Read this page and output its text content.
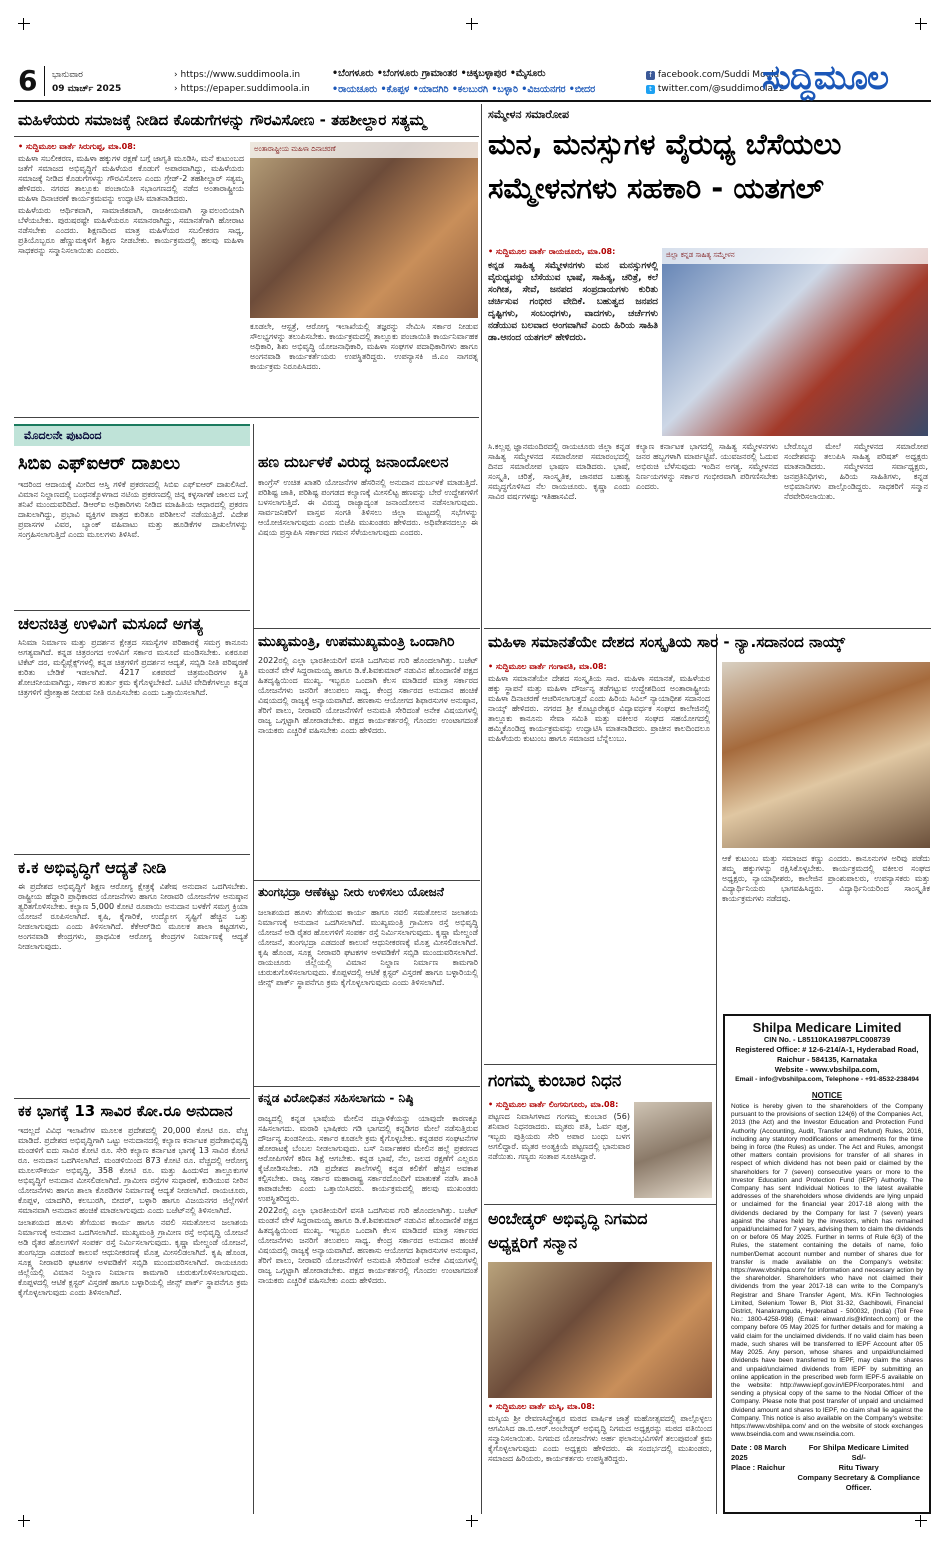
6 ಭಾನುವಾರ
09 ಮಾರ್ಚ್ 2025
› https://www.suddimoola.in
› https://epaper.suddimoola.in
•ಬೆಂಗಳೂರು •ಬೆಂಗಳೂರು ಗ್ರಾಮಾಂತರ •ಚಿಕ್ಕಬಳ್ಳಾಪುರ •ಮೈಸೂರು
•ರಾಯಚೂರು •ಕೊಪ್ಪಳ •ಯಾದಗಿರಿ •ಕಲಬುರಗಿ •ಬಳ್ಳಾರಿ •ವಿಜಯನಗರ •ಬೀದರ
f facebook.com/Suddi Moola
t twitter.com/@suddimoola22
ಸುದ್ದಿಮೂಲ
ಮಹಿಳೆಯರು ಸಮಾಜಕ್ಕೆ ನೀಡಿದ ಕೊಡುಗೆಗಳನ್ನು ಗೌರವಿಸೋಣ - ತಹಶೀಲ್ದಾರ ಸತ್ಯಮ್ಮ

• ಸುದ್ದಿಮೂಲ ವಾರ್ತೆ ಸಿರುಗುಪ್ಪ, ಮಾ.08:

ಮಹಿಳಾ ಸಬಲೀಕರಣ, ಮಹಿಳಾ ಹಕ್ಕುಗಳ ರಕ್ಷಣೆ ಬಗ್ಗೆ ಜಾಗೃತಿ ಮೂಡಿಸಿ, ಮನೆ ಕುಟುಂಬದ ಜತೆಗೆ ಸಮಾಜದ ಅಭಿವೃದ್ಧಿಗೆ ಮಹಿಳೆಯರ ಕೊಡುಗೆ ಅಪಾರವಾಗಿದ್ದು, ಮಹಿಳೆಯರು ಸಮಾಜಕ್ಕೆ ನೀಡಿದ ಕೊಡುಗೆಗಳನ್ನು ಗೌರವಿಸೋಣ ಎಂದು ಗ್ರೇಡ್-2 ತಹಶೀಲ್ದಾರ್ ಸತ್ಯಮ್ಮ ಹೇಳಿದರು. ನಗರದ ತಾಲ್ಲೂಕು ಪಂಚಾಯಿತಿ ಸಭಾಂಗಣದಲ್ಲಿ ನಡೆದ ಅಂತಾರಾಷ್ಟ್ರೀಯ ಮಹಿಳಾ ದಿನಾಚರಣೆ ಕಾರ್ಯಕ್ರಮವನ್ನು ಉದ್ಘಾಟಿಸಿ ಮಾತನಾಡಿದರು.

ಮಹಿಳೆಯರು ಆರ್ಥಿಕವಾಗಿ, ಸಾಮಾಜಿಕವಾಗಿ, ರಾಜಕೀಯವಾಗಿ ಸ್ವಾವಲಂಬಿಯಾಗಿ ಬೆಳೆಯಬೇಕು. ಪುರುಷರಷ್ಟೇ ಮಹಿಳೆಯರೂ ಸಮಾನರಾಗಿದ್ದು, ಸಮಾನತೆಗಾಗಿ ಹೋರಾಟ ನಡೆಸಬೇಕು ಎಂದರು. ಶಿಕ್ಷಣದಿಂದ ಮಾತ್ರ ಮಹಿಳೆಯರ ಸಬಲೀಕರಣ ಸಾಧ್ಯ, ಪ್ರತಿಯೊಬ್ಬರೂ ಹೆಣ್ಣುಮಕ್ಕಳಿಗೆ ಶಿಕ್ಷಣ ನೀಡಬೇಕು. ಕಾರ್ಯಕ್ರಮದಲ್ಲಿ ಹಲವು ಮಹಿಳಾ ಸಾಧಕರನ್ನು ಸನ್ಮಾನಿಸಲಾಯಿತು ಎಂದರು.

ಅಂತಾರಾಷ್ಟ್ರೀಯ ಮಹಿಳಾ ದಿನಾಚರಣೆ

ಕೂಡಲೇ, ಆಸ್ಪತ್ರೆ, ಆರೋಗ್ಯ ಇಲಾಖೆಯಲ್ಲಿ ತಜ್ಞರನ್ನು ನೇಮಿಸಿ ಸರ್ಕಾರ ನೀಡುವ ಸೌಲಭ್ಯಗಳನ್ನು ತಲುಪಿಸಬೇಕು. ಕಾರ್ಯಕ್ರಮದಲ್ಲಿ ತಾಲ್ಲೂಕು ಪಂಚಾಯಿತಿ ಕಾರ್ಯನಿರ್ವಾಹಕ ಅಧಿಕಾರಿ, ಶಿಶು ಅಭಿವೃದ್ಧಿ ಯೋಜನಾಧಿಕಾರಿ, ಮಹಿಳಾ ಸಂಘಗಳ ಪದಾಧಿಕಾರಿಗಳು ಹಾಗೂ ಅಂಗನವಾಡಿ ಕಾರ್ಯಕರ್ತೆಯರು ಉಪಸ್ಥಿತರಿದ್ದರು. ಉಪನ್ಯಾಸಕಿ ಜಿ.ಎಂ ನಾಗರತ್ನ ಕಾರ್ಯಕ್ರಮ ನಿರೂಪಿಸಿದರು.

ಸಮ್ಮೇಳನ ಸಮಾರೋಪ
ಮನ, ಮನಸ್ಸುಗಳ ವೈರುಧ್ಯ ಬೆಸೆಯಲು
ಸಮ್ಮೇಳನಗಳು ಸಹಕಾರಿ - ಯತಗಲ್

• ಸುದ್ದಿಮೂಲ ವಾರ್ತೆ ರಾಯಚೂರು, ಮಾ.08:

ಕನ್ನಡ ಸಾಹಿತ್ಯ ಸಮ್ಮೇಳನಗಳು ಮನ ಮನಸ್ಸುಗಳಲ್ಲಿ ವೈರುಧ್ಯವನ್ನು ಬೆಸೆಯುವ ಭಾಷೆ, ಸಾಹಿತ್ಯ, ಚರಿತ್ರೆ, ಕಲೆ ಸಂಗೀತ, ಸೇವೆ, ಜನಪದ ಸಂಪ್ರದಾಯಗಳು ಕುರಿತು ಚರ್ಚಿಸುವ ಗಂಭೀರ ವೇದಿಕೆ. ಬಹುತ್ವದ ಜನಪದ ದೃಷ್ಟಿಗಳು, ಸಂಬಂಧಗಳು, ವಾದಗಳು, ಚರ್ಚೆಗಳು ನಡೆಯುವ ಬಲವಾದ ಅಂಗವಾಗಿವೆ ಎಂದು ಹಿರಿಯ ಸಾಹಿತಿ ಡಾ.ಆನಂದ ಯತಗಲ್ ಹೇಳಿದರು.

ಜಿಲ್ಲಾ ಕನ್ನಡ ಸಾಹಿತ್ಯ ಸಮ್ಮೇಳನ

ಸಿ.ಕಲ್ಲಪ್ಪ ಜ್ಞಾನಮಂದಿರದಲ್ಲಿ ರಾಯಚೂರು ಜಿಲ್ಲಾ ಕನ್ನಡ ಸಾಹಿತ್ಯ ಸಮ್ಮೇಳನದ ಸಮಾರೋಪ ಸಮಾರಂಭದಲ್ಲಿ ದಿನದ ಸಮಾರೋಪ ಭಾಷಣ ಮಾಡಿದರು. ಭಾಷೆ, ಸಂಸ್ಕೃತಿ, ಚರಿತ್ರೆ, ಸಾಂಸ್ಕೃತಿಕ, ಜಾನಪದ ಬಹುತ್ವ ಸಮೃದ್ಧಗೊಳಿಸಿದ ನೆಲ ರಾಯಚೂರು. ಕೃಷ್ಣಾ ಎಂದು ಸಾವಿರ ವರ್ಷಗಳಷ್ಟು ಇತಿಹಾಸವಿದೆ.

ಕಲ್ಯಾಣ ಕರ್ನಾಟಕ ಭಾಗದಲ್ಲಿ ಸಾಹಿತ್ಯ ಸಮ್ಮೇಳನಗಳು ಜನರ ಹಬ್ಬಗಳಾಗಿ ಮಾರ್ಪಟ್ಟಿವೆ. ಯುವಜನರಲ್ಲಿ ಓದುವ ಅಭಿರುಚಿ ಬೆಳೆಸುವುದು ಇಂದಿನ ಅಗತ್ಯ. ಸಮ್ಮೇಳನದ ನಿರ್ಣಯಗಳನ್ನು ಸರ್ಕಾರ ಗಂಭೀರವಾಗಿ ಪರಿಗಣಿಸಬೇಕು ಎಂದರು.

ಬೇರೊಬ್ಬರ ಮೇಲೆ ಸಮ್ಮೇಳನದ ಸಮಾರೋಪ ಸಂದೇಶವನ್ನು ತಲುಪಿಸಿ ಸಾಹಿತ್ಯ ಪರಿಷತ್ ಅಧ್ಯಕ್ಷರು ಮಾತನಾಡಿದರು. ಸಮ್ಮೇಳನದ ಸರ್ವಾಧ್ಯಕ್ಷರು, ಜನಪ್ರತಿನಿಧಿಗಳು, ಹಿರಿಯ ಸಾಹಿತಿಗಳು, ಕನ್ನಡ ಅಭಿಮಾನಿಗಳು ಪಾಲ್ಗೊಂಡಿದ್ದರು. ಸಾಧಕರಿಗೆ ಸನ್ಮಾನ ನೆರವೇರಿಸಲಾಯಿತು.

ಮೊದಲನೇ ಪುಟದಿಂದ
ಸಿಬಿಐ ಎಫ್‌ಐಆರ್ ದಾಖಲು

ಇದರಿಂದ ಆದಾಯಕ್ಕೆ ಮೀರಿದ ಆಸ್ತಿ ಗಳಿಕೆ ಪ್ರಕರಣದಲ್ಲಿ ಸಿಬಿಐ ಎಫ್‌ಐಆರ್ ದಾಖಲಿಸಿದೆ. ವಿಮಾನ ನಿಲ್ದಾಣದಲ್ಲಿ ಬಂಧನಕ್ಕೊಳಗಾದ ನಟಿಯ ಪ್ರಕರಣದಲ್ಲಿ ಚಿನ್ನ ಕಳ್ಳಸಾಗಣೆ ಜಾಲದ ಬಗ್ಗೆ ತನಿಖೆ ಮುಂದುವರಿದಿದೆ. ಡಿಆರ್‌ಐ ಅಧಿಕಾರಿಗಳು ನೀಡಿದ ಮಾಹಿತಿಯ ಆಧಾರದಲ್ಲಿ ಪ್ರಕರಣ ದಾಖಲಾಗಿದ್ದು, ಪ್ರಭಾವಿ ವ್ಯಕ್ತಿಗಳ ಪಾತ್ರದ ಕುರಿತೂ ಪರಿಶೀಲನೆ ನಡೆಯುತ್ತಿದೆ. ವಿದೇಶ ಪ್ರವಾಸಗಳ ವಿವರ, ಬ್ಯಾಂಕ್ ವಹಿವಾಟು ಮತ್ತು ಹೂಡಿಕೆಗಳ ದಾಖಲೆಗಳನ್ನು ಸಂಗ್ರಹಿಸಲಾಗುತ್ತಿದೆ ಎಂದು ಮೂಲಗಳು ತಿಳಿಸಿವೆ.

ಚಲನಚಿತ್ರ ಉಳಿವಿಗೆ ಮಸೂದೆ ಅಗತ್ಯ

ಸಿನಿಮಾ ನಿರ್ಮಾಣ ಮತ್ತು ಪ್ರದರ್ಶನ ಕ್ಷೇತ್ರದ ಸಮಸ್ಯೆಗಳ ಪರಿಹಾರಕ್ಕೆ ಸಮಗ್ರ ಕಾನೂನು ಅಗತ್ಯವಾಗಿದೆ. ಕನ್ನಡ ಚಿತ್ರರಂಗದ ಉಳಿವಿಗೆ ಸರ್ಕಾರ ಮಸೂದೆ ಮಂಡಿಸಬೇಕು. ಏಕರೂಪ ಟಿಕೆಟ್ ದರ, ಮಲ್ಟಿಪ್ಲೆಕ್ಸ್‌ಗಳಲ್ಲಿ ಕನ್ನಡ ಚಿತ್ರಗಳಿಗೆ ಪ್ರದರ್ಶನ ಆದ್ಯತೆ, ಸಬ್ಸಿಡಿ ನೀತಿ ಪರಿಷ್ಕರಣೆ ಕುರಿತು ಬೇಡಿಕೆ ಇಡಲಾಗಿದೆ. 4217 ಏಕಪರದೆ ಚಿತ್ರಮಂದಿರಗಳ ಸ್ಥಿತಿ ಶೋಚನೀಯವಾಗಿದ್ದು, ಸರ್ಕಾರ ತುರ್ತು ಕ್ರಮ ಕೈಗೊಳ್ಳಬೇಕಿದೆ. ಒಟಿಟಿ ವೇದಿಕೆಗಳಲ್ಲೂ ಕನ್ನಡ ಚಿತ್ರಗಳಿಗೆ ಪ್ರೋತ್ಸಾಹ ನೀಡುವ ನೀತಿ ರೂಪಿಸಬೇಕು ಎಂದು ಒತ್ತಾಯಿಸಲಾಗಿದೆ.

ಕ.ಕ ಅಭಿವೃದ್ಧಿಗೆ ಆದ್ಯತೆ ನೀಡಿ

ಈ ಪ್ರದೇಶದ ಅಭಿವೃದ್ಧಿಗೆ ಶಿಕ್ಷಣ ಆರೋಗ್ಯ ಕ್ಷೇತ್ರಕ್ಕೆ ವಿಶೇಷ ಅನುದಾನ ಒದಗಿಸಬೇಕು. ರಾಷ್ಟ್ರೀಯ ಹೆದ್ದಾರಿ ಪ್ರಾಧಿಕಾರದ ಯೋಜನೆಗಳು ಹಾಗೂ ನೀರಾವರಿ ಯೋಜನೆಗಳ ಅನುಷ್ಠಾನ ತ್ವರಿತಗೊಳಿಸಬೇಕು. ಕಲ್ಯಾಣ 5,000 ಕೋಟಿ ರೂಪಾಯಿ ಅನುದಾನ ಬಳಕೆಗೆ ಸಮಗ್ರ ಕ್ರಿಯಾ ಯೋಜನೆ ರೂಪಿಸಲಾಗಿದೆ. ಕೃಷಿ, ಕೈಗಾರಿಕೆ, ಉದ್ಯೋಗ ಸೃಷ್ಟಿಗೆ ಹೆಚ್ಚಿನ ಒತ್ತು ನೀಡಲಾಗುವುದು ಎಂದು ತಿಳಿಸಲಾಗಿದೆ. ಕೆಕೆಆರ್‌ಡಿಬಿ ಮೂಲಕ ಶಾಲಾ ಕಟ್ಟಡಗಳು, ಅಂಗನವಾಡಿ ಕೇಂದ್ರಗಳು, ಪ್ರಾಥಮಿಕ ಆರೋಗ್ಯ ಕೇಂದ್ರಗಳ ನಿರ್ಮಾಣಕ್ಕೆ ಆದ್ಯತೆ ನೀಡಲಾಗುವುದು.

ಕಕ ಭಾಗಕ್ಕೆ 13 ಸಾವಿರ ಕೋ.ರೂ ಅನುದಾನ

ಇದಲ್ಲದೆ ವಿವಿಧ ಇಲಾಖೆಗಳ ಮೂಲಕ ಪ್ರದೇಶದಲ್ಲಿ 20,000 ಕೋಟಿ ರೂ. ವೆಚ್ಚ ಮಾಡಿದೆ. ಪ್ರದೇಶದ ಅಭಿವೃದ್ಧಿಗಾಗಿ ಒಟ್ಟು ಅನುದಾನದಲ್ಲಿ ಕಲ್ಯಾಣ ಕರ್ನಾಟಕ ಪ್ರದೇಶಾಭಿವೃದ್ಧಿ ಮಂಡಳಿಗೆ ಐದು ಸಾವಿರ ಕೋಟಿ ರೂ. ಸೇರಿ ಕಲ್ಯಾಣ ಕರ್ನಾಟಕ ಭಾಗಕ್ಕೆ 13 ಸಾವಿರ ಕೋಟಿ ರೂ. ಅನುದಾನ ಒದಗಿಸಲಾಗಿದೆ. ಮಂಡಳಿಯಿಂದ 873 ಕೋಟಿ ರೂ. ವೆಚ್ಚದಲ್ಲಿ ಆರೋಗ್ಯ ಮೂಲಸೌಕರ್ಯ ಅಭಿವೃದ್ಧಿ, 358 ಕೋಟಿ ರೂ. ಮತ್ತು ಹಿಂದುಳಿದ ತಾಲ್ಲೂಕುಗಳ ಅಭಿವೃದ್ಧಿಗೆ ಅನುದಾನ ಮೀಸಲಿಡಲಾಗಿದೆ. ಗ್ರಾಮೀಣ ರಸ್ತೆಗಳ ಸುಧಾರಣೆ, ಕುಡಿಯುವ ನೀರಿನ ಯೋಜನೆಗಳು ಹಾಗೂ ಶಾಲಾ ಕೊಠಡಿಗಳ ನಿರ್ಮಾಣಕ್ಕೆ ಆದ್ಯತೆ ನೀಡಲಾಗಿದೆ. ರಾಯಚೂರು, ಕೊಪ್ಪಳ, ಯಾದಗಿರಿ, ಕಲಬುರಗಿ, ಬೀದರ್, ಬಳ್ಳಾರಿ ಹಾಗೂ ವಿಜಯನಗರ ಜಿಲ್ಲೆಗಳಿಗೆ ಸಮಾನವಾಗಿ ಅನುದಾನ ಹಂಚಿಕೆ ಮಾಡಲಾಗುವುದು ಎಂದು ಬಜೆಟ್‌ನಲ್ಲಿ ತಿಳಿಸಲಾಗಿದೆ.

ಜಲಾಶಯದ ಹೂಳು ತೆಗೆಯುವ ಕಾರ್ಯ ಹಾಗೂ ನವಲಿ ಸಮತೋಲನ ಜಲಾಶಯ ನಿರ್ಮಾಣಕ್ಕೆ ಅನುದಾನ ಒದಗಿಸಲಾಗಿದೆ. ಮುಖ್ಯಮಂತ್ರಿ ಗ್ರಾಮೀಣ ರಸ್ತೆ ಅಭಿವೃದ್ಧಿ ಯೋಜನೆ ಅಡಿ ರೈತರ ಹೊಲಗಳಿಗೆ ಸಂಪರ್ಕ ರಸ್ತೆ ನಿರ್ಮಿಸಲಾಗುವುದು. ಕೃಷ್ಣಾ ಮೇಲ್ದಂಡೆ ಯೋಜನೆ, ತುಂಗಭದ್ರಾ ಎಡದಂಡೆ ಕಾಲುವೆ ಆಧುನೀಕರಣಕ್ಕೆ ಮೊತ್ತ ಮೀಸಲಿಡಲಾಗಿದೆ. ಕೃಷಿ ಹೊಂಡ, ಸೂಕ್ಷ್ಮ ನೀರಾವರಿ ಘಟಕಗಳ ಅಳವಡಿಕೆಗೆ ಸಬ್ಸಿಡಿ ಮುಂದುವರಿಸಲಾಗಿದೆ. ರಾಯಚೂರು ಜಿಲ್ಲೆಯಲ್ಲಿ ವಿಮಾನ ನಿಲ್ದಾಣ ನಿರ್ಮಾಣ ಕಾಮಗಾರಿ ಚುರುಕುಗೊಳಿಸಲಾಗುವುದು. ಕೊಪ್ಪಳದಲ್ಲಿ ಆಟಿಕೆ ಕ್ಲಸ್ಟರ್ ವಿಸ್ತರಣೆ ಹಾಗೂ ಬಳ್ಳಾರಿಯಲ್ಲಿ ಜೀನ್ಸ್ ಪಾರ್ಕ್ ಸ್ಥಾಪನೆಗೂ ಕ್ರಮ ಕೈಗೊಳ್ಳಲಾಗುವುದು ಎಂದು ತಿಳಿಸಲಾಗಿದೆ.

ಹಣ ದುರ್ಬಳಕೆ ವಿರುದ್ಧ ಜನಾಂದೋಲನ

ಕಾಂಗ್ರೆಸ್ ಉಚಿತ ಖಾತರಿ ಯೋಜನೆಗಳ ಹೆಸರಿನಲ್ಲಿ ಅನುದಾನ ದುರ್ಬಳಕೆ ಮಾಡುತ್ತಿದೆ. ಪರಿಶಿಷ್ಟ ಜಾತಿ, ಪರಿಶಿಷ್ಟ ಪಂಗಡದ ಕಲ್ಯಾಣಕ್ಕೆ ಮೀಸಲಿಟ್ಟ ಹಣವನ್ನು ಬೇರೆ ಉದ್ದೇಶಗಳಿಗೆ ಬಳಸಲಾಗುತ್ತಿದೆ. ಈ ವಿರುದ್ಧ ರಾಜ್ಯಾದ್ಯಂತ ಜನಾಂದೋಲನ ನಡೆಸಲಾಗುವುದು. ಸಾರ್ವಜನಿಕರಿಗೆ ವಾಸ್ತವ ಸಂಗತಿ ತಿಳಿಸಲು ಜಿಲ್ಲಾ ಮಟ್ಟದಲ್ಲಿ ಸಭೆಗಳನ್ನು ಆಯೋಜಿಸಲಾಗುವುದು ಎಂದು ಬಿಜೆಪಿ ಮುಖಂಡರು ಹೇಳಿದರು. ಅಧಿವೇಶನದಲ್ಲೂ ಈ ವಿಷಯ ಪ್ರಸ್ತಾಪಿಸಿ ಸರ್ಕಾರದ ಗಮನ ಸೆಳೆಯಲಾಗುವುದು ಎಂದರು.

ಮುಖ್ಯಮಂತ್ರಿ, ಉಪಮುಖ್ಯಮಂತ್ರಿ ಒಂದಾಗಿರಿ

2022ರಲ್ಲಿ ಎಲ್ಲಾ ಭಾರತೀಯರಿಗೆ ವಸತಿ ಒದಗಿಸುವ ಗುರಿ ಹೊಂದಲಾಗಿತ್ತು. ಬಜೆಟ್ ಮಂಡನೆ ವೇಳೆ ಸಿದ್ದರಾಮಯ್ಯ ಹಾಗೂ ಡಿ.ಕೆ.ಶಿವಕುಮಾರ್ ನಡುವಿನ ಹೊಂದಾಣಿಕೆ ಪಕ್ಷದ ಹಿತದೃಷ್ಟಿಯಿಂದ ಮುಖ್ಯ. ಇಬ್ಬರೂ ಒಂದಾಗಿ ಕೆಲಸ ಮಾಡಿದರೆ ಮಾತ್ರ ಸರ್ಕಾರದ ಯೋಜನೆಗಳು ಜನರಿಗೆ ತಲುಪಲು ಸಾಧ್ಯ. ಕೇಂದ್ರ ಸರ್ಕಾರದ ಅನುದಾನ ಹಂಚಿಕೆ ವಿಷಯದಲ್ಲಿ ರಾಜ್ಯಕ್ಕೆ ಅನ್ಯಾಯವಾಗಿದೆ. ಹಣಕಾಸು ಆಯೋಗದ ಶಿಫಾರಸುಗಳ ಅನುಷ್ಠಾನ, ತೆರಿಗೆ ಪಾಲು, ನೀರಾವರಿ ಯೋಜನೆಗಳಿಗೆ ಅನುಮತಿ ಸೇರಿದಂತೆ ಅನೇಕ ವಿಷಯಗಳಲ್ಲಿ ರಾಜ್ಯ ಒಗ್ಗಟ್ಟಾಗಿ ಹೋರಾಡಬೇಕು. ಪಕ್ಷದ ಕಾರ್ಯಕರ್ತರಲ್ಲಿ ಗೊಂದಲ ಉಂಟಾಗದಂತೆ ನಾಯಕರು ಎಚ್ಚರಿಕೆ ವಹಿಸಬೇಕು ಎಂದು ಹೇಳಿದರು.

ತುಂಗಭದ್ರಾ ಆಣೆಕಟ್ಟು ನೀರು ಉಳಿಸಲು ಯೋಜನೆ

ಜಲಾಶಯದ ಹೂಳು ತೆಗೆಯುವ ಕಾರ್ಯ ಹಾಗೂ ನವಲಿ ಸಮತೋಲನ ಜಲಾಶಯ ನಿರ್ಮಾಣಕ್ಕೆ ಅನುದಾನ ಒದಗಿಸಲಾಗಿದೆ. ಮುಖ್ಯಮಂತ್ರಿ ಗ್ರಾಮೀಣ ರಸ್ತೆ ಅಭಿವೃದ್ಧಿ ಯೋಜನೆ ಅಡಿ ರೈತರ ಹೊಲಗಳಿಗೆ ಸಂಪರ್ಕ ರಸ್ತೆ ನಿರ್ಮಿಸಲಾಗುವುದು. ಕೃಷ್ಣಾ ಮೇಲ್ದಂಡೆ ಯೋಜನೆ, ತುಂಗಭದ್ರಾ ಎಡದಂಡೆ ಕಾಲುವೆ ಆಧುನೀಕರಣಕ್ಕೆ ಮೊತ್ತ ಮೀಸಲಿಡಲಾಗಿದೆ. ಕೃಷಿ ಹೊಂಡ, ಸೂಕ್ಷ್ಮ ನೀರಾವರಿ ಘಟಕಗಳ ಅಳವಡಿಕೆಗೆ ಸಬ್ಸಿಡಿ ಮುಂದುವರಿಸಲಾಗಿದೆ. ರಾಯಚೂರು ಜಿಲ್ಲೆಯಲ್ಲಿ ವಿಮಾನ ನಿಲ್ದಾಣ ನಿರ್ಮಾಣ ಕಾಮಗಾರಿ ಚುರುಕುಗೊಳಿಸಲಾಗುವುದು. ಕೊಪ್ಪಳದಲ್ಲಿ ಆಟಿಕೆ ಕ್ಲಸ್ಟರ್ ವಿಸ್ತರಣೆ ಹಾಗೂ ಬಳ್ಳಾರಿಯಲ್ಲಿ ಜೀನ್ಸ್ ಪಾರ್ಕ್ ಸ್ಥಾಪನೆಗೂ ಕ್ರಮ ಕೈಗೊಳ್ಳಲಾಗುವುದು ಎಂದು ತಿಳಿಸಲಾಗಿದೆ.

ಕನ್ನಡ ವಿರೋಧಿತನ ಸಹಿಸಲಾಗದು - ನಿಷ್ಠಿ

ರಾಜ್ಯದಲ್ಲಿ ಕನ್ನಡ ಭಾಷೆಯ ಮೇಲಿನ ದಬ್ಬಾಳಿಕೆಯನ್ನು ಯಾವುದೇ ಕಾರಣಕ್ಕೂ ಸಹಿಸಲಾಗದು. ಮರಾಠಿ ಭಾಷಿಕರು ಗಡಿ ಭಾಗದಲ್ಲಿ ಕನ್ನಡಿಗರ ಮೇಲೆ ನಡೆಸುತ್ತಿರುವ ದೌರ್ಜನ್ಯ ಖಂಡನೀಯ. ಸರ್ಕಾರ ಕೂಡಲೇ ಕ್ರಮ ಕೈಗೊಳ್ಳಬೇಕು. ಕನ್ನಡಪರ ಸಂಘಟನೆಗಳ ಹೋರಾಟಕ್ಕೆ ಬೆಂಬಲ ನೀಡಲಾಗುವುದು. ಬಸ್ ನಿರ್ವಾಹಕರ ಮೇಲಿನ ಹಲ್ಲೆ ಪ್ರಕರಣದ ಆರೋಪಿಗಳಿಗೆ ಕಠಿಣ ಶಿಕ್ಷೆ ಆಗಬೇಕು. ಕನ್ನಡ ಭಾಷೆ, ನೆಲ, ಜಲದ ರಕ್ಷಣೆಗೆ ಎಲ್ಲರೂ ಕೈಜೋಡಿಸಬೇಕು. ಗಡಿ ಪ್ರದೇಶದ ಶಾಲೆಗಳಲ್ಲಿ ಕನ್ನಡ ಕಲಿಕೆಗೆ ಹೆಚ್ಚಿನ ಅವಕಾಶ ಕಲ್ಪಿಸಬೇಕು. ರಾಜ್ಯ ಸರ್ಕಾರ ಮಹಾರಾಷ್ಟ್ರ ಸರ್ಕಾರದೊಂದಿಗೆ ಮಾತುಕತೆ ನಡೆಸಿ ಶಾಂತಿ ಕಾಪಾಡಬೇಕು ಎಂದು ಒತ್ತಾಯಿಸಿದರು. ಕಾರ್ಯಕ್ರಮದಲ್ಲಿ ಹಲವು ಮುಖಂಡರು ಉಪಸ್ಥಿತರಿದ್ದರು.

2022ರಲ್ಲಿ ಎಲ್ಲಾ ಭಾರತೀಯರಿಗೆ ವಸತಿ ಒದಗಿಸುವ ಗುರಿ ಹೊಂದಲಾಗಿತ್ತು. ಬಜೆಟ್ ಮಂಡನೆ ವೇಳೆ ಸಿದ್ದರಾಮಯ್ಯ ಹಾಗೂ ಡಿ.ಕೆ.ಶಿವಕುಮಾರ್ ನಡುವಿನ ಹೊಂದಾಣಿಕೆ ಪಕ್ಷದ ಹಿತದೃಷ್ಟಿಯಿಂದ ಮುಖ್ಯ. ಇಬ್ಬರೂ ಒಂದಾಗಿ ಕೆಲಸ ಮಾಡಿದರೆ ಮಾತ್ರ ಸರ್ಕಾರದ ಯೋಜನೆಗಳು ಜನರಿಗೆ ತಲುಪಲು ಸಾಧ್ಯ. ಕೇಂದ್ರ ಸರ್ಕಾರದ ಅನುದಾನ ಹಂಚಿಕೆ ವಿಷಯದಲ್ಲಿ ರಾಜ್ಯಕ್ಕೆ ಅನ್ಯಾಯವಾಗಿದೆ. ಹಣಕಾಸು ಆಯೋಗದ ಶಿಫಾರಸುಗಳ ಅನುಷ್ಠಾನ, ತೆರಿಗೆ ಪಾಲು, ನೀರಾವರಿ ಯೋಜನೆಗಳಿಗೆ ಅನುಮತಿ ಸೇರಿದಂತೆ ಅನೇಕ ವಿಷಯಗಳಲ್ಲಿ ರಾಜ್ಯ ಒಗ್ಗಟ್ಟಾಗಿ ಹೋರಾಡಬೇಕು. ಪಕ್ಷದ ಕಾರ್ಯಕರ್ತರಲ್ಲಿ ಗೊಂದಲ ಉಂಟಾಗದಂತೆ ನಾಯಕರು ಎಚ್ಚರಿಕೆ ವಹಿಸಬೇಕು ಎಂದು ಹೇಳಿದರು.

ಮಹಿಳಾ ಸಮಾನತೆಯೇ ದೇಶದ ಸಂಸ್ಕೃತಿಯ ಸಾರ - ನ್ಯಾ.ಸದಾನಂದ ನಾಯ್ಕ್

• ಸುದ್ದಿಮೂಲ ವಾರ್ತೆ ಗಂಗಾವತಿ, ಮಾ.08:

ಮಹಿಳಾ ಸಮಾನತೆಯೇ ದೇಶದ ಸಂಸ್ಕೃತಿಯ ಸಾರ. ಮಹಿಳಾ ಸಮಾನತೆ, ಮಹಿಳೆಯರ ಹಕ್ಕು ಸ್ಥಾಪನೆ ಮತ್ತು ಮಹಿಳಾ ದೌರ್ಜನ್ಯ ತಡೆಗಟ್ಟುವ ಉದ್ದೇಶದಿಂದ ಅಂತಾರಾಷ್ಟ್ರೀಯ ಮಹಿಳಾ ದಿನಾಚರಣೆ ಆಚರಿಸಲಾಗುತ್ತದೆ ಎಂದು ಹಿರಿಯ ಸಿವಿಲ್ ನ್ಯಾಯಾಧೀಶ ಸದಾನಂದ ನಾಯ್ಕ್ ಹೇಳಿದರು. ನಗರದ ಶ್ರೀ ಕೊಟ್ಟೂರೇಶ್ವರ ವಿದ್ಯಾವರ್ಧಕ ಸಂಘದ ಕಾಲೇಜಿನಲ್ಲಿ ತಾಲ್ಲೂಕು ಕಾನೂನು ಸೇವಾ ಸಮಿತಿ ಮತ್ತು ವಕೀಲರ ಸಂಘದ ಸಹಯೋಗದಲ್ಲಿ ಹಮ್ಮಿಕೊಂಡಿದ್ದ ಕಾರ್ಯಕ್ರಮವನ್ನು ಉದ್ಘಾಟಿಸಿ ಮಾತನಾಡಿದರು. ಪ್ರಾಚೀನ ಕಾಲದಿಂದಲೂ ಮಹಿಳೆಯರು ಕುಟುಂಬ ಹಾಗೂ ಸಮಾಜದ ಬೆನ್ನೆಲುಬು.

ಆಕೆ ಕುಟುಂಬ ಮತ್ತು ಸಮಾಜದ ಕಣ್ಣು ಎಂದರು. ಕಾನೂನುಗಳ ಅರಿವು ಪಡೆದು ತಮ್ಮ ಹಕ್ಕುಗಳನ್ನು ರಕ್ಷಿಸಿಕೊಳ್ಳಬೇಕು. ಕಾರ್ಯಕ್ರಮದಲ್ಲಿ ವಕೀಲರ ಸಂಘದ ಅಧ್ಯಕ್ಷರು, ನ್ಯಾಯಾಧೀಶರು, ಕಾಲೇಜಿನ ಪ್ರಾಂಶುಪಾಲರು, ಉಪನ್ಯಾಸಕರು ಮತ್ತು ವಿದ್ಯಾರ್ಥಿನಿಯರು ಭಾಗವಹಿಸಿದ್ದರು. ವಿದ್ಯಾರ್ಥಿನಿಯರಿಂದ ಸಾಂಸ್ಕೃತಿಕ ಕಾರ್ಯಕ್ರಮಗಳು ನಡೆದವು.

ಗಂಗಮ್ಮ ಕುಂಬಾರ ನಿಧನ

• ಸುದ್ದಿಮೂಲ ವಾರ್ತೆ ಲಿಂಗಸುಗೂರು, ಮಾ.08:

ಪಟ್ಟಣದ ನಿವಾಸಿಗಳಾದ ಗಂಗಮ್ಮ ಕುಂಬಾರ (56) ಶನಿವಾರ ನಿಧನರಾದರು. ಮೃತರು ಪತಿ, ಓರ್ವ ಪುತ್ರ, ಇಬ್ಬರು ಪುತ್ರಿಯರು ಸೇರಿ ಅಪಾರ ಬಂಧು ಬಳಗ ಅಗಲಿದ್ದಾರೆ. ಮೃತರ ಅಂತ್ಯಕ್ರಿಯೆ ಪಟ್ಟಣದಲ್ಲಿ ಭಾನುವಾರ ನಡೆಯಿತು. ಗಣ್ಯರು ಸಂತಾಪ ಸೂಚಿಸಿದ್ದಾರೆ.

ಅಂಬೇಡ್ಕರ್ ಅಭಿವೃದ್ಧಿ ನಿಗಮದ
ಅಧ್ಯಕ್ಷರಿಗೆ ಸನ್ಮಾನ

• ಸುದ್ದಿಮೂಲ ವಾರ್ತೆ ಮಸ್ಕಿ, ಮಾ.08:

ಮಸ್ಕಿಯ ಶ್ರೀ ರೇವಣಸಿದ್ಧೇಶ್ವರ ಮಠದ ವಾರ್ಷಿಕ ಜಾತ್ರೆ ಮಹೋತ್ಸವದಲ್ಲಿ ಪಾಲ್ಗೊಳ್ಳಲು ಆಗಮಿಸಿದ ಡಾ.ಬಿ.ಆರ್.ಅಂಬೇಡ್ಕರ್ ಅಭಿವೃದ್ಧಿ ನಿಗಮದ ಅಧ್ಯಕ್ಷರನ್ನು ಮಠದ ವತಿಯಿಂದ ಸನ್ಮಾನಿಸಲಾಯಿತು. ನಿಗಮದ ಯೋಜನೆಗಳು ಅರ್ಹ ಫಲಾನುಭವಿಗಳಿಗೆ ತಲುಪುವಂತೆ ಕ್ರಮ ಕೈಗೊಳ್ಳಲಾಗುವುದು ಎಂದು ಅಧ್ಯಕ್ಷರು ಹೇಳಿದರು. ಈ ಸಂದರ್ಭದಲ್ಲಿ ಮುಖಂಡರು, ಸಮಾಜದ ಹಿರಿಯರು, ಕಾರ್ಯಕರ್ತರು ಉಪಸ್ಥಿತರಿದ್ದರು.

Shilpa Medicare Limited
CIN No. - L85110KA1987PLC008739
Registered Office: # 12-6-214/A-1, Hyderabad Road, Raichur - 584135, Karnataka
Website - www.vbshilpa.com,
Email - info@vbshilpa.com, Telephone - +91-8532-238494
NOTICE
Notice is hereby given to the shareholders of the Company pursuant to the provisions of section 124(6) of the Companies Act, 2013 (the Act) and the Investor Education and Protection Fund Authority (Accounting, Audit, Transfer and Refund) Rules, 2016, including any statutory modifications or amendments for the time being in force (the Rules) as under. The Act and Rules, amongst other matters contain provisions for transfer of all shares in respect of which dividend has not been paid or claimed by the shareholders for 7 (seven) consecutive years or more to the Investor Education and Protection Fund (IEPF) Authority. The Company has sent Individual Notices to the latest available addresses of the shareholders whose dividends are lying unpaid or unclaimed for the financial year 2017-18 along with the dividends declared by the Company for last 7 (seven) years against the shares held by the investors, which has remained unpaid/unclaimed for 7 years, advising them to claim the dividends on or before 05 May 2025. Further in terms of Rule 6(3) of the Rules, the statement containing the details of name, folio number/Demat account number and number of shares due for transfer is made available on the Company's website: https://www.vbshilpa.com/ for information and necessary action by the shareholder. Shareholders who have not claimed their dividends from the year 2017-18 can write to the Company's Registrar and Share Transfer Agent, M/s. KFin Technologies Limited, Selenium Tower B, Plot 31-32, Gachibowli, Financial District, Nanakramguda, Hyderabad - 500032, (India) (Toll Free No.: 1800-4258-998) (Email: einward.ris@kfintech.com) or the company before 05 May 2025 for further details and for making a valid claim for the unclaimed dividends. If no valid claim has been made, such shares will be transferred to IEPF Account after 05 May 2025. Any person, whose shares and unpaid/unclaimed dividends have been transferred to IEPF, may claim the shares and unpaid/unclaimed dividends from IEPF by submitting an online application in the prescribed web form IEPF-5 available on the website: http://www.iepf.gov.in/IEPF/corporates.html and sending a physical copy of the same to the Nodal Officer of the Company. Please note that post transfer of unpaid and unclaimed dividend amount and shares to IEPF, no claim shall lie against the Company. This notice is also available on the Company's website: https://www.vbshilpa.com/ and on the website of stock exchanges www.bseindia.com and www.nseindia.com.
Date : 08 March 2025
Place : Raichur
For Shilpa Medicare Limited
Sd/-
Ritu Tiwary
Company Secretary & Compliance Officer.
